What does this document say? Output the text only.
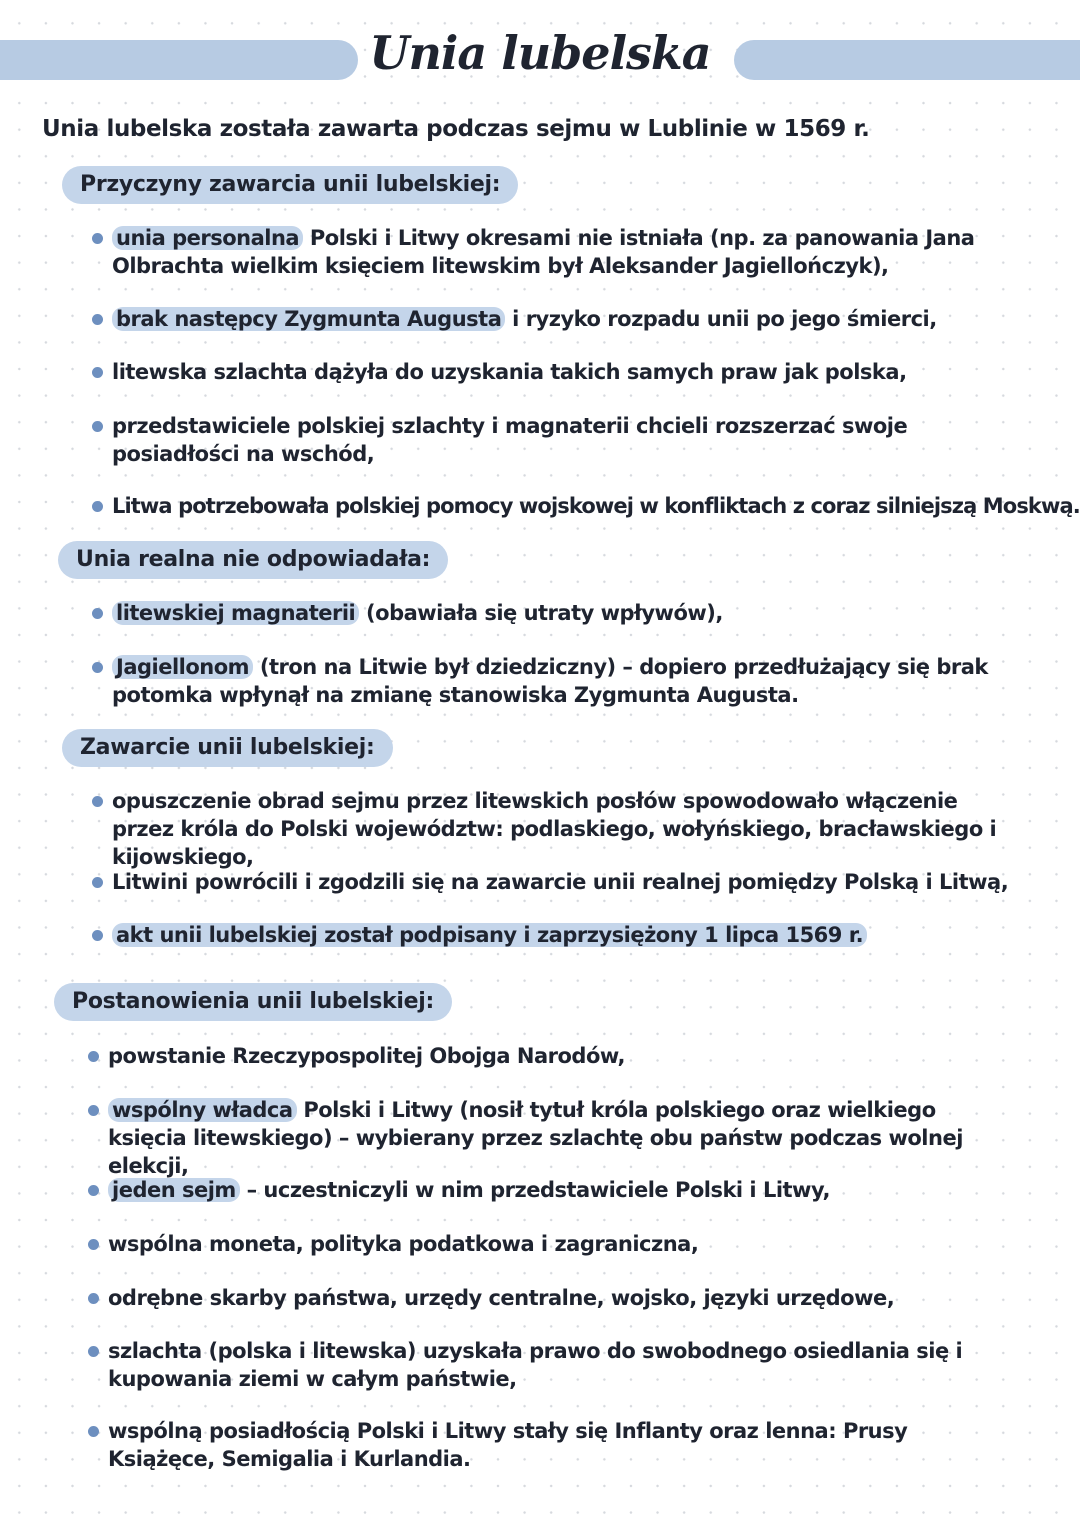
Unia lubelska
Unia lubelska została zawarta podczas sejmu w Lublinie w 1569 r.
Przyczyny zawarcia unii lubelskiej:
unia personalna Polski i Litwy okresami nie istniała (np. za panowania Jana Olbrachta wielkim księciem litewskim był Aleksander Jagiellończyk),
brak następcy Zygmunta Augusta i ryzyko rozpadu unii po jego śmierci,
litewska szlachta dążyła do uzyskania takich samych praw jak polska,
przedstawiciele polskiej szlachty i magnaterii chcieli rozszerzać swoje posiadłości na wschód,
Litwa potrzebowała polskiej pomocy wojskowej w konfliktach z coraz silniejszą Moskwą.
Unia realna nie odpowiadała:
litewskiej magnaterii (obawiała się utraty wpływów),
Jagiellonom (tron na Litwie był dziedziczny) – dopiero przedłużający się brak potomka wpłynął na zmianę stanowiska Zygmunta Augusta.
Zawarcie unii lubelskiej:
opuszczenie obrad sejmu przez litewskich posłów spowodowało włączenie przez króla do Polski województw: podlaskiego, wołyńskiego, bracławskiego i kijowskiego,
Litwini powrócili i zgodzili się na zawarcie unii realnej pomiędzy Polską i Litwą,
akt unii lubelskiej został podpisany i zaprzysiężony 1 lipca 1569 r.
Postanowienia unii lubelskiej:
powstanie Rzeczypospolitej Obojga Narodów,
wspólny władca Polski i Litwy (nosił tytuł króla polskiego oraz wielkiego księcia litewskiego) – wybierany przez szlachtę obu państw podczas wolnej elekcji,
jeden sejm – uczestniczyli w nim przedstawiciele Polski i Litwy,
wspólna moneta, polityka podatkowa i zagraniczna,
odrębne skarby państwa, urzędy centralne, wojsko, języki urzędowe,
szlachta (polska i litewska) uzyskała prawo do swobodnego osiedlania się i kupowania ziemi w całym państwie,
wspólną posiadłością Polski i Litwy stały się Inflanty oraz lenna: Prusy Książęce, Semigalia i Kurlandia.
